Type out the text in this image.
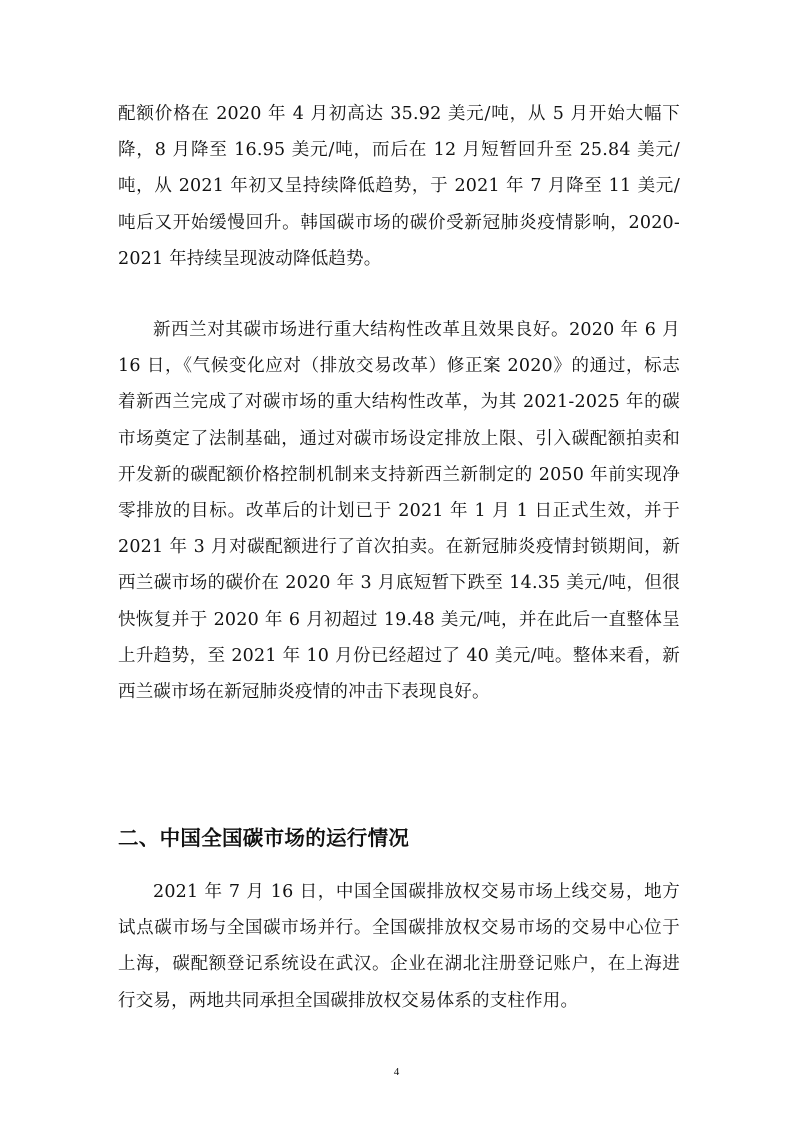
配额价格在 2020 年 4 月初高达 35.92 美元/吨，从 5 月开始大幅下降，8 月降至 16.95 美元/吨，而后在 12 月短暂回升至 25.84 美元/吨，从 2021 年初又呈持续降低趋势，于 2021 年 7 月降至 11 美元/吨后又开始缓慢回升。韩国碳市场的碳价受新冠肺炎疫情影响，2020-2021 年持续呈现波动降低趋势。

新西兰对其碳市场进行重大结构性改革且效果良好。2020 年 6 月 16 日，《气候变化应对（排放交易改革）修正案 2020》的通过，标志着新西兰完成了对碳市场的重大结构性改革，为其 2021-2025 年的碳市场奠定了法制基础，通过对碳市场设定排放上限、引入碳配额拍卖和开发新的碳配额价格控制机制来支持新西兰新制定的 2050 年前实现净零排放的目标。改革后的计划已于 2021 年 1 月 1 日正式生效，并于 2021 年 3 月对碳配额进行了首次拍卖。在新冠肺炎疫情封锁期间，新西兰碳市场的碳价在 2020 年 3 月底短暂下跌至 14.35 美元/吨，但很快恢复并于 2020 年 6 月初超过 19.48 美元/吨，并在此后一直整体呈上升趋势，至 2021 年 10 月份已经超过了 40 美元/吨。整体来看，新西兰碳市场在新冠肺炎疫情的冲击下表现良好。

二、中国全国碳市场的运行情况

2021 年 7 月 16 日，中国全国碳排放权交易市场上线交易，地方试点碳市场与全国碳市场并行。全国碳排放权交易市场的交易中心位于上海，碳配额登记系统设在武汉。企业在湖北注册登记账户，在上海进行交易，两地共同承担全国碳排放权交易体系的支柱作用。

4
